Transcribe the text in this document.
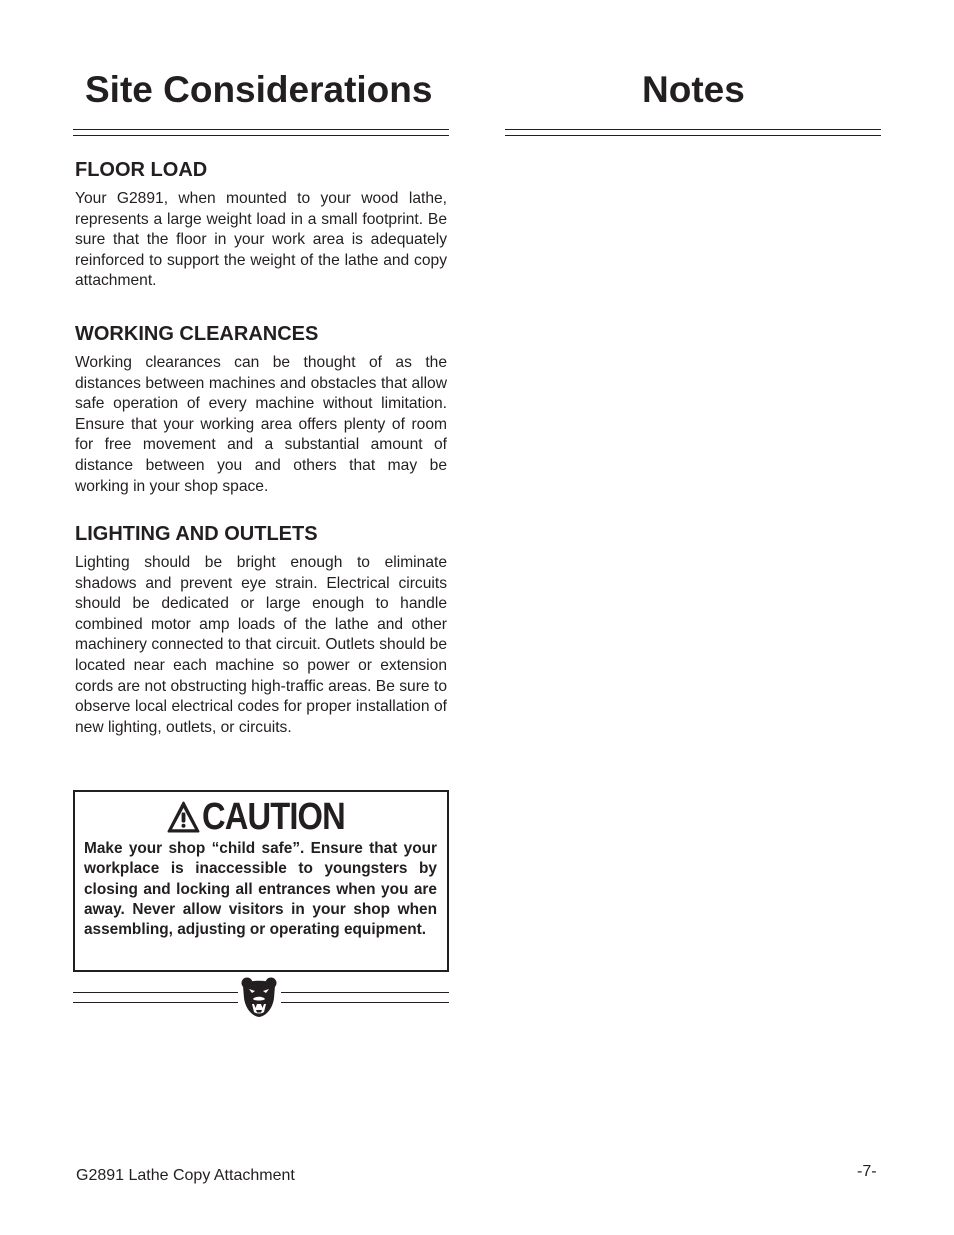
Site Considerations	Notes
FLOOR LOAD

Your G2891, when mounted to your wood lathe, represents a large weight load in a small footprint. Be sure that the floor in your work area is adequately reinforced to support the weight of the lathe and copy attachment.

WORKING CLEARANCES

Working clearances can be thought of as the distances between machines and obstacles that allow safe operation of every machine without limitation. Ensure that your working area offers plenty of room for free movement and a substantial amount of distance between you and others that may be working in your shop space.

LIGHTING AND OUTLETS

Lighting should be bright enough to eliminate shadows and prevent eye strain. Electrical circuits should be dedicated or large enough to handle combined motor amp loads of the lathe and other machinery connected to that circuit. Outlets should be located near each machine so power or extension cords are not obstructing high-traffic areas. Be sure to observe local electrical codes for proper installation of new lighting, outlets, or circuits.

CAUTION

Make your shop “child safe”. Ensure that your workplace is inaccessible to youngsters by closing and locking all entrances when you are away. Never allow visitors in your shop when assembling, adjusting or operating equipment.

G2891 Lathe Copy Attachment	-7-
